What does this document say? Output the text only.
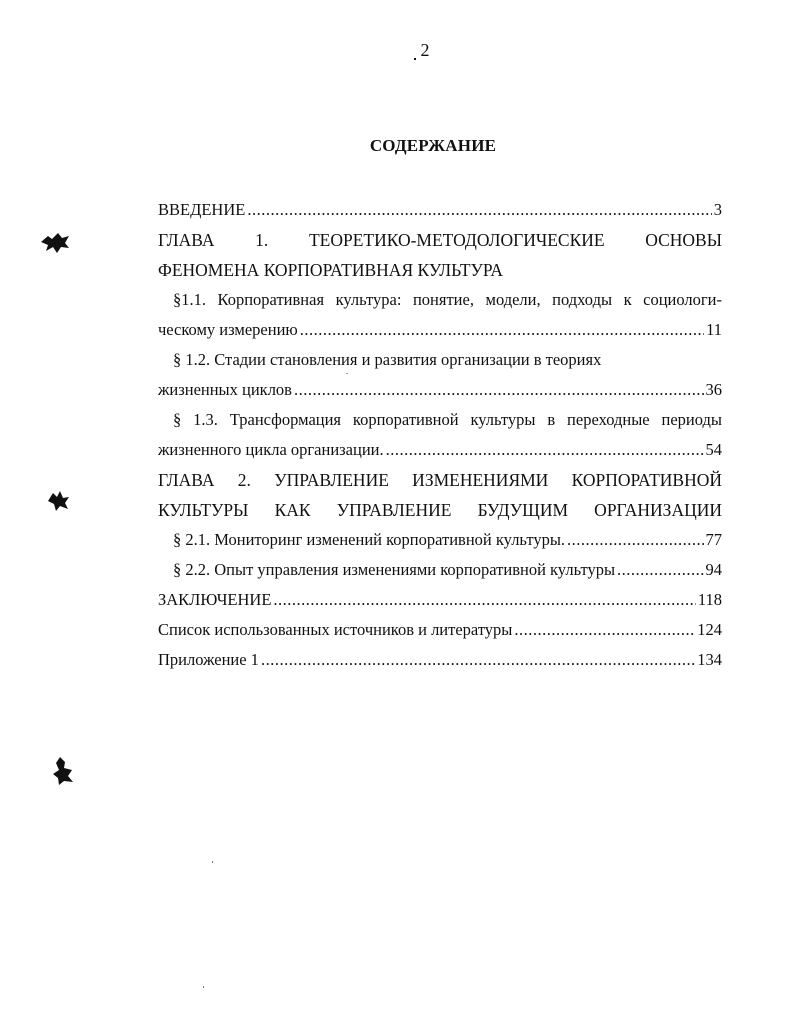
2
СОДЕРЖАНИЕ
ВВЕДЕНИЕ .....	3
ГЛАВА 1. ТЕОРЕТИКО-МЕТОДОЛОГИЧЕСКИЕ ОСНОВЫ
ФЕНОМЕНА КОРПОРАТИВНАЯ КУЛЬТУРА
§1.1. Корпоративная культура: понятие, модели, подходы к социологи-
ческому измерению .....	11
§ 1.2. Стадии становления и развития организации в теориях
жизненных циклов .....	36
§ 1.3. Трансформация корпоративной культуры в переходные периоды
жизненного цикла организации. .....	54
ГЛАВА 2. УПРАВЛЕНИЕ ИЗМЕНЕНИЯМИ КОРПОРАТИВНОЙ
КУЛЬТУРЫ КАК УПРАВЛЕНИЕ БУДУЩИМ ОРГАНИЗАЦИИ
§ 2.1. Мониторинг изменений корпоративной культуры. .....	77
§ 2.2. Опыт управления изменениями корпоративной культуры .....	94
ЗАКЛЮЧЕНИЕ .....	118
Список использованных источников и литературы .....	124
Приложение 1 .....	134
